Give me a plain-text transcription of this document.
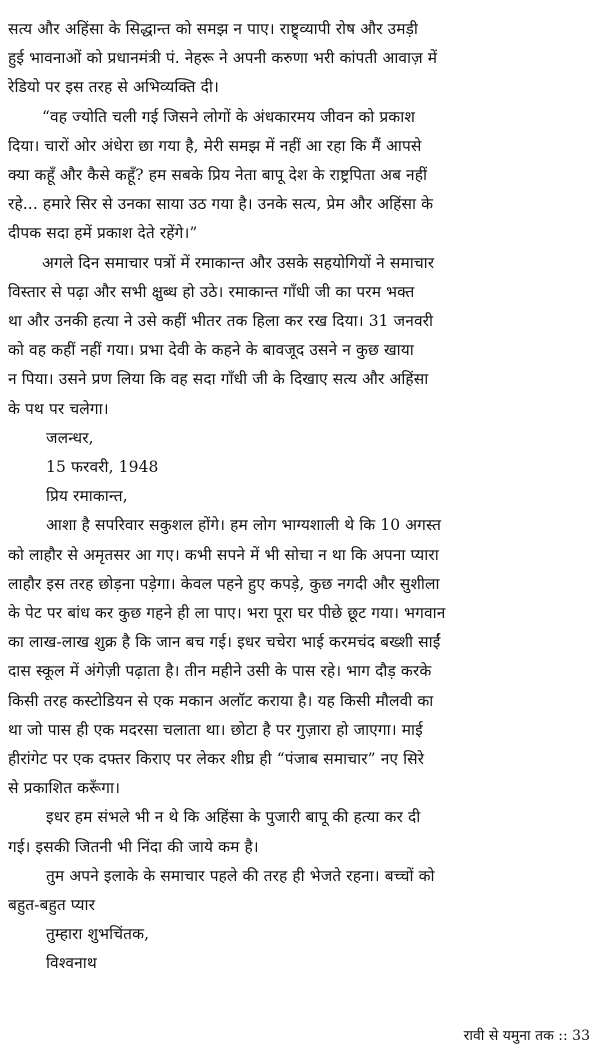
सत्य और अहिंसा के सिद्धान्त को समझ न पाए। राष्ट्र्व्यापी रोष और उमड़ी
हुई भावनाओं को प्रधानमंत्री पं. नेहरू ने अपनी करुणा भरी कांपती आवाज़ में
रेडियो पर इस तरह से अभिव्यक्ति दी।
“वह ज्योति चली गई जिसने लोगों के अंधकारमय जीवन को प्रकाश
दिया। चारों ओर अंधेरा छा गया है, मेरी समझ में नहीं आ रहा कि मैं आपसे
क्या कहूँ और कैसे कहूँ? हम सबके प्रिय नेता बापू देश के राष्ट्रपिता अब नहीं
रहे... हमारे सिर से उनका साया उठ गया है। उनके सत्य, प्रेम और अहिंसा के
दीपक सदा हमें प्रकाश देते रहेंगे।”
अगले दिन समाचार पत्रों में रमाकान्त और उसके सहयोगियों ने समाचार
विस्तार से पढ़ा और सभी क्षुब्ध हो उठे। रमाकान्त गाँधी जी का परम भक्त
था और उनकी हत्या ने उसे कहीं भीतर तक हिला कर रख दिया। 31 जनवरी
को वह कहीं नहीं गया। प्रभा देवी के कहने के बावजूद उसने न कुछ खाया
न पिया। उसने प्रण लिया कि वह सदा गाँधी जी के दिखाए सत्य और अहिंसा
के पथ पर चलेगा।
जलन्धर,
15 फरवरी, 1948
प्रिय रमाकान्त,
आशा है सपरिवार सकुशल होंगे। हम लोग भाग्यशाली थे कि 10 अगस्त
को लाहौर से अमृतसर आ गए। कभी सपने में भी सोचा न था कि अपना प्यारा
लाहौर इस तरह छोड़ना पड़ेगा। केवल पहने हुए कपड़े, कुछ नगदी और सुशीला
के पेट पर बांध कर कुछ गहने ही ला पाए। भरा पूरा घर पीछे छूट गया। भगवान
का लाख-लाख शुक्र है कि जान बच गई। इधर चचेरा भाई करमचंद बख्शी साईं
दास स्कूल में अंगेज़ी पढ़ाता है। तीन महीने उसी के पास रहे। भाग दौड़ करके
किसी तरह कस्टोडियन से एक मकान अलॉट कराया है। यह किसी मौलवी का
था जो पास ही एक मदरसा चलाता था। छोटा है पर गुज़ारा हो जाएगा। माई
हीरांगेट पर एक दफ्तर किराए पर लेकर शीघ्र ही “पंजाब समाचार” नए सिरे
से प्रकाशित करूँगा।
इधर हम संभले भी न थे कि अहिंसा के पुजारी बापू की हत्या कर दी
गई। इसकी जितनी भी निंदा की जाये कम है।
तुम अपने इलाके के समाचार पहले की तरह ही भेजते रहना। बच्चों को
बहुत-बहुत प्यार
तुम्हारा शुभचिंतक,
विश्वनाथ
रावी से यमुना तक :: 33
